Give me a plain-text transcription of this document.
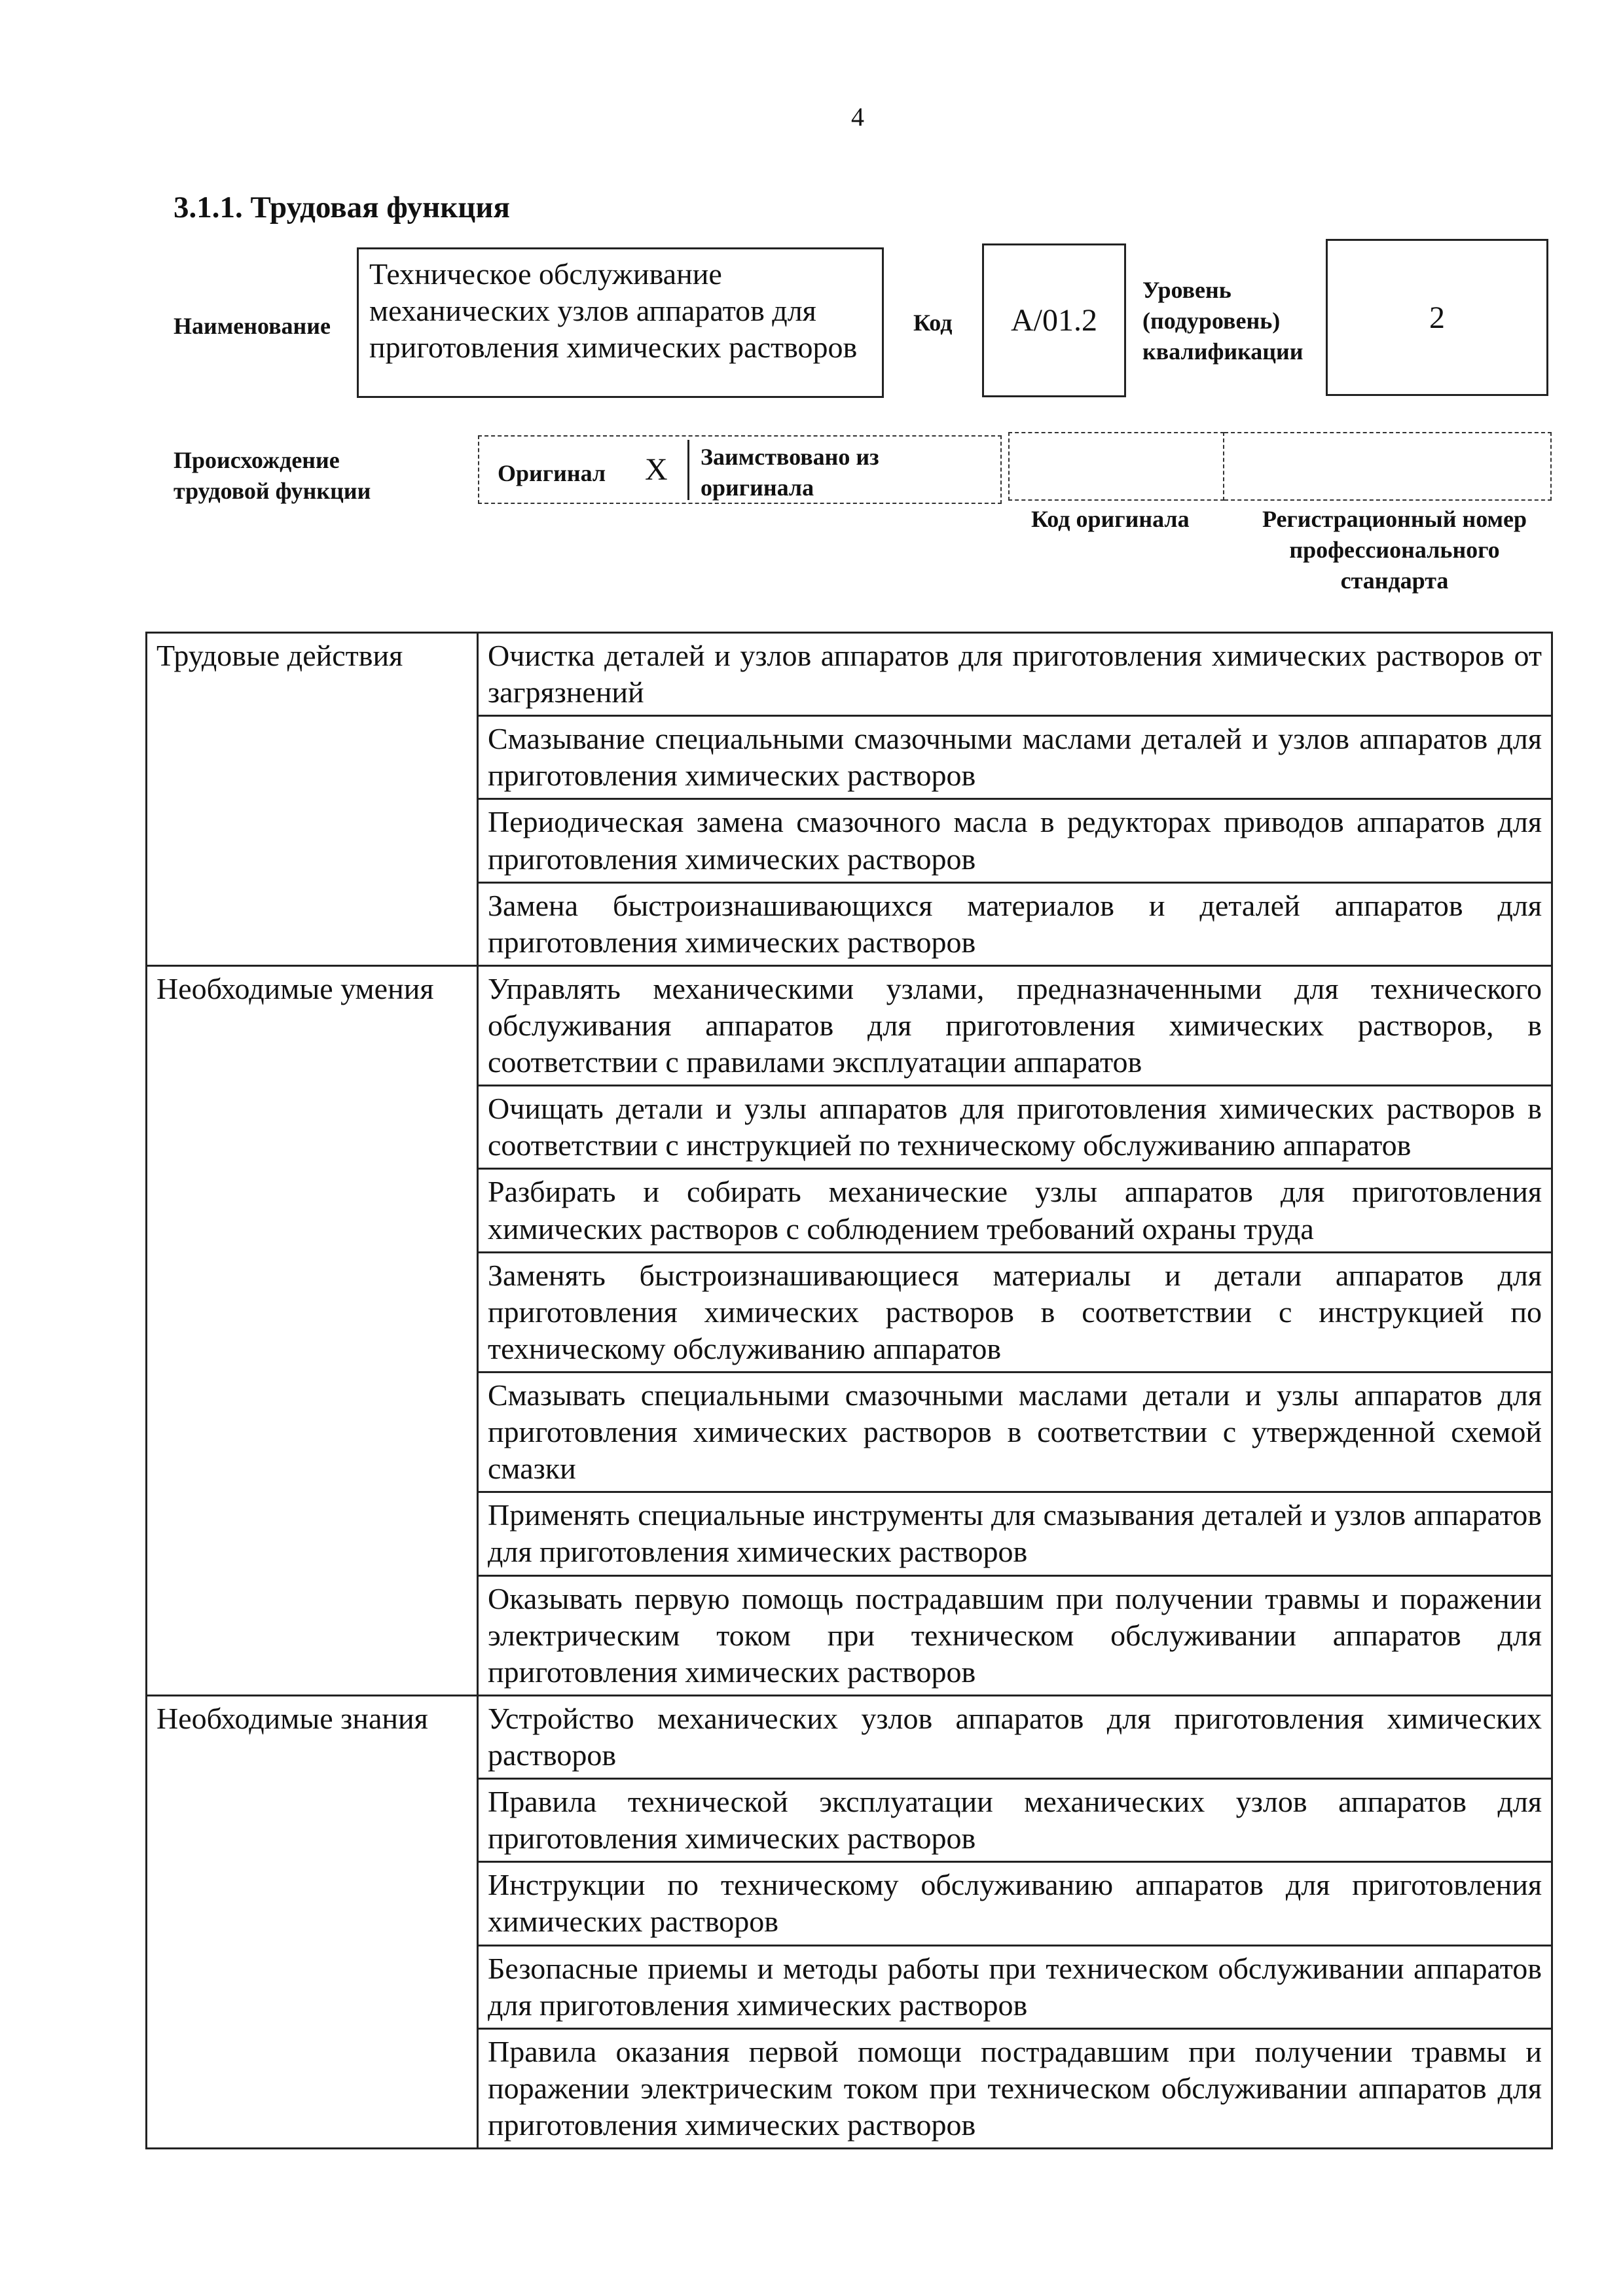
4
3.1.1. Трудовая функция
Наименование
Техническое обслуживание механических узлов аппаратов для приготовления химических растворов
Код A/01.2
Уровень (подуровень) квалификации
2
Происхождение трудовой функции
Оригинал X Заимствовано из оригинала
Код оригинала	Регистрационный номер профессионального стандарта
Трудовые действия	Очистка деталей и узлов аппаратов для приготовления химических растворов от загрязнений
	Смазывание специальными смазочными маслами деталей и узлов аппаратов для приготовления химических растворов
	Периодическая замена смазочного масла в редукторах приводов аппаратов для приготовления химических растворов
	Замена быстроизнашивающихся материалов и деталей аппаратов для приготовления химических растворов
Необходимые умения	Управлять механическими узлами, предназначенными для технического обслуживания аппаратов для приготовления химических растворов, в соответствии с правилами эксплуатации аппаратов
	Очищать детали и узлы аппаратов для приготовления химических растворов в соответствии с инструкцией по техническому обслуживанию аппаратов
	Разбирать и собирать механические узлы аппаратов для приготовления химических растворов с соблюдением требований охраны труда
	Заменять быстроизнашивающиеся материалы и детали аппаратов для приготовления химических растворов в соответствии с инструкцией по техническому обслуживанию аппаратов
	Смазывать специальными смазочными маслами детали и узлы аппаратов для приготовления химических растворов в соответствии с утвержденной схемой смазки
	Применять специальные инструменты для смазывания деталей и узлов аппаратов для приготовления химических растворов
	Оказывать первую помощь пострадавшим при получении травмы и поражении электрическим током при техническом обслуживании аппаратов для приготовления химических растворов
Необходимые знания	Устройство механических узлов аппаратов для приготовления химических растворов
	Правила технической эксплуатации механических узлов аппаратов для приготовления химических растворов
	Инструкции по техническому обслуживанию аппаратов для приготовления химических растворов
	Безопасные приемы и методы работы при техническом обслуживании аппаратов для приготовления химических растворов
	Правила оказания первой помощи пострадавшим при получении травмы и поражении электрическим током при техническом обслуживании аппаратов для приготовления химических растворов
